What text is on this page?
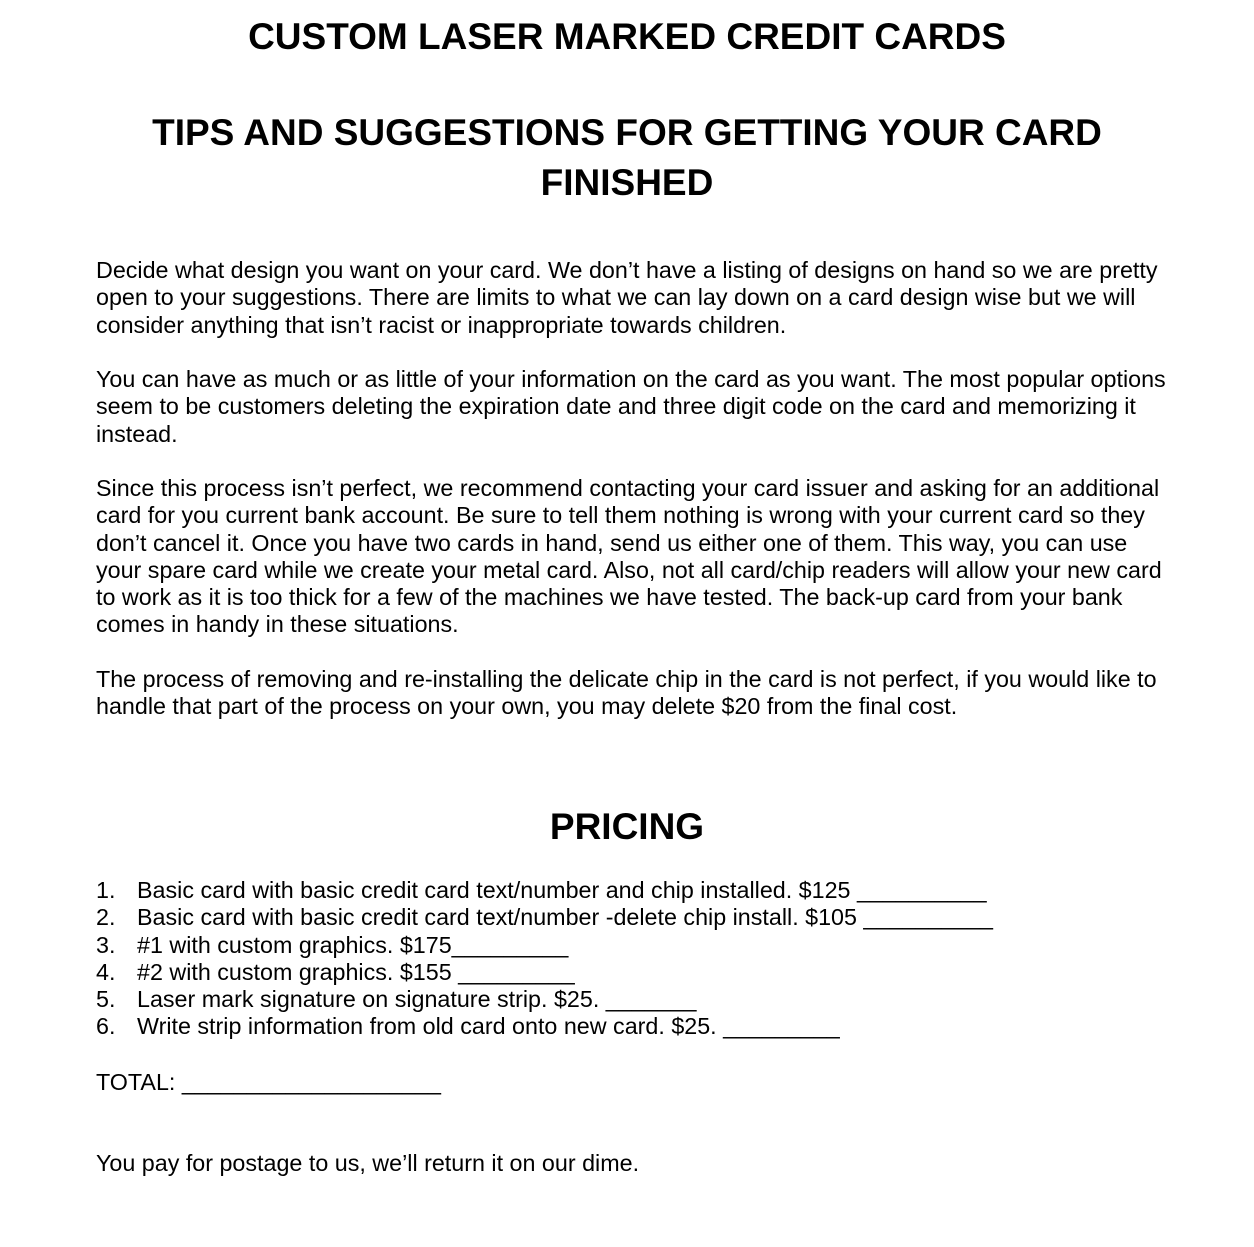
CUSTOM LASER MARKED CREDIT CARDS
TIPS AND SUGGESTIONS FOR GETTING YOUR CARD
FINISHED

Decide what design you want on your card. We don’t have a listing of designs on hand so we are pretty open to your suggestions. There are limits to what we can lay down on a card design wise but we will consider anything that isn’t racist or inappropriate towards children.

You can have as much or as little of your information on the card as you want. The most popular options seem to be customers deleting the expiration date and three digit code on the card and memorizing it instead.

Since this process isn’t perfect, we recommend contacting your card issuer and asking for an additional card for you current bank account. Be sure to tell them nothing is wrong with your current card so they don’t cancel it. Once you have two cards in hand, send us either one of them. This way, you can use your spare card while we create your metal card. Also, not all card/chip readers will allow your new card to work as it is too thick for a few of the machines we have tested. The back-up card from your bank comes in handy in these situations.

The process of removing and re-installing the delicate chip in the card is not perfect, if you would like to handle that part of the process on your own, you may delete $20 from the final cost.

PRICING
1. Basic card with basic credit card text/number and chip installed. $125 __________
2. Basic card with basic credit card text/number -delete chip install. $105 __________
3. #1 with custom graphics. $175_________
4. #2 with custom graphics. $155 _________
5. Laser mark signature on signature strip. $25. _______
6. Write strip information from old card onto new card. $25. _________

TOTAL: ____________________

You pay for postage to us, we’ll return it on our dime.
